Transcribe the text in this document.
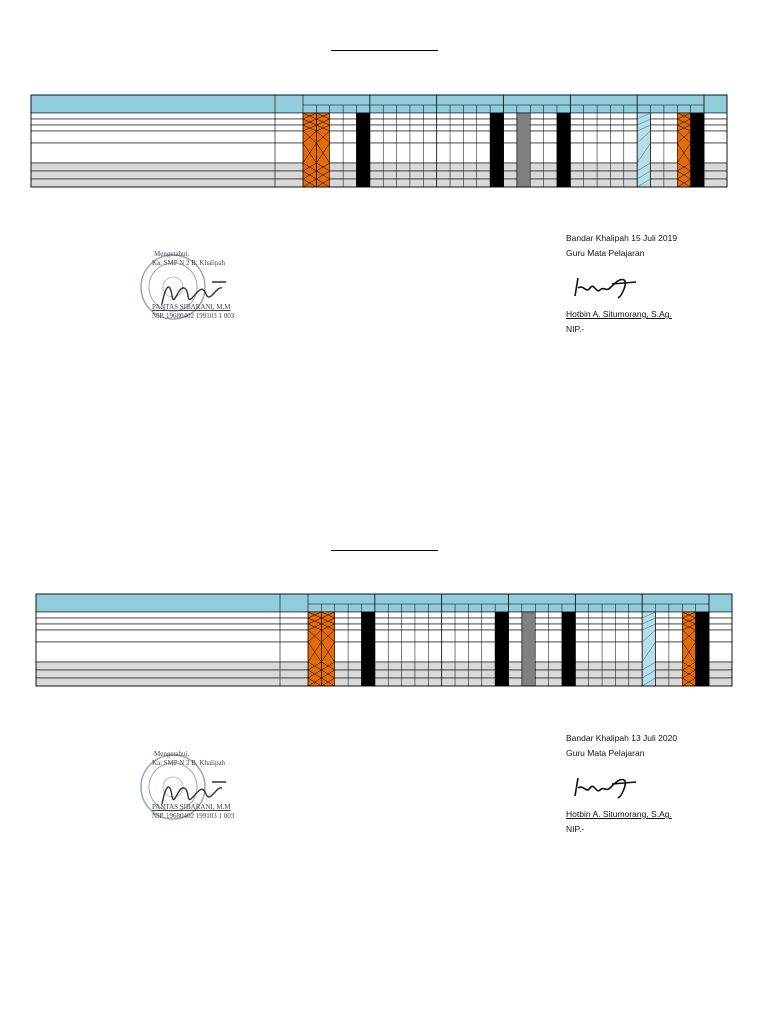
Mengetahui,
Ka. SMP N 2 B. Khalipah
PANTAS SIBARANI, M.M
NIP. 19680402 199103 1 003
Bandar Khalipah 15 Juli 2019
Guru Mata Pelajaran
Hotbin A. Situmorang, S.Ag.
NIP.-
Mengetahui,
Ka. SMP N 2 B. Khalipah
PANTAS SIBARANI, M.M
NIP. 19680402 199103 1 003
Bandar Khalipah 13 Juli 2020
Guru Mata Pelajaran
Hotbin A. Situmorang, S.Ag.
NIP.-
